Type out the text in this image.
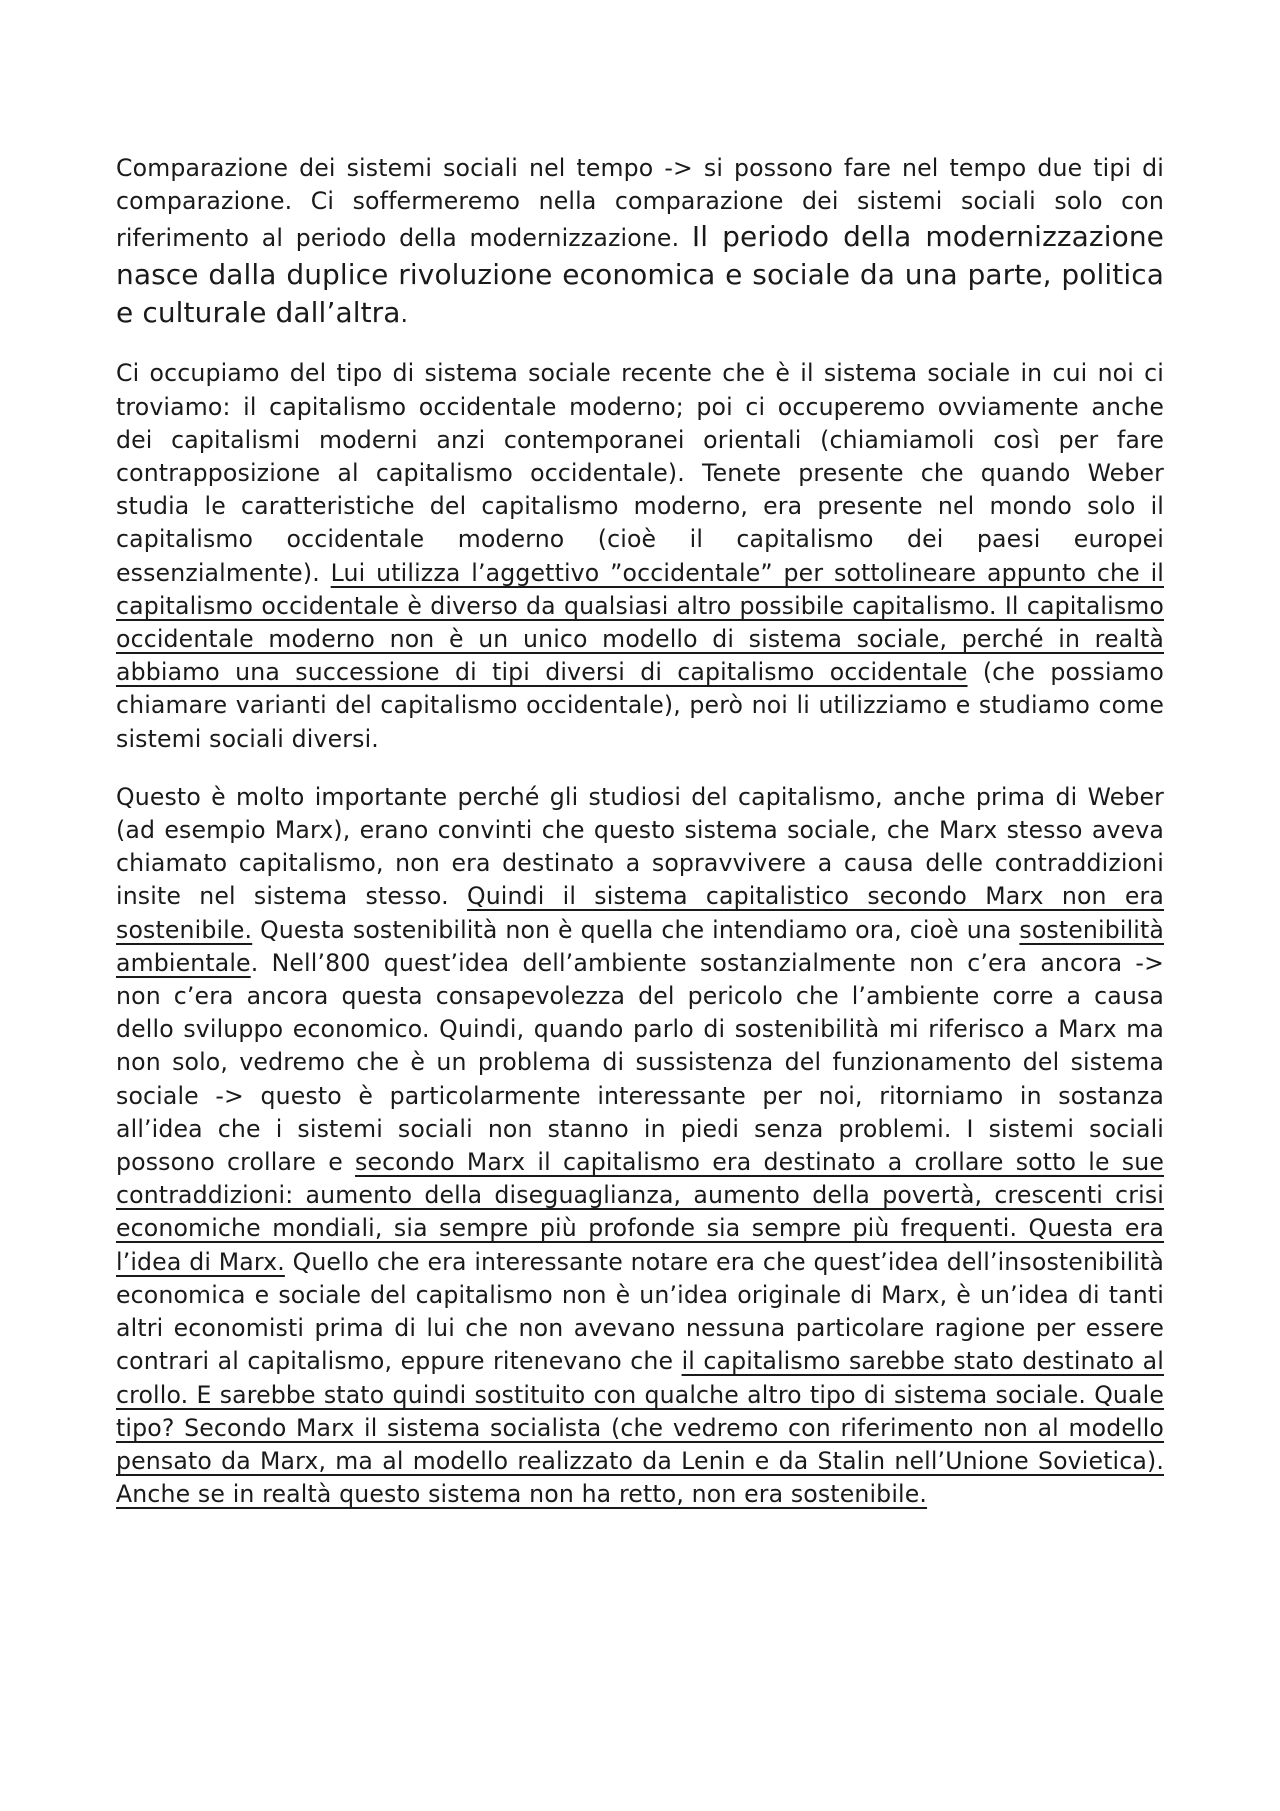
Comparazione dei sistemi sociali nel tempo -> si possono fare nel tempo due tipi di comparazione. Ci soffermeremo nella comparazione dei sistemi sociali solo con riferimento al periodo della modernizzazione. Il periodo della modernizzazione nasce dalla duplice rivoluzione economica e sociale da una parte, politica e culturale dall’altra.

Ci occupiamo del tipo di sistema sociale recente che è il sistema sociale in cui noi ci troviamo: il capitalismo occidentale moderno; poi ci occuperemo ovviamente anche dei capitalismi moderni anzi contemporanei orientali (chiamiamoli così per fare contrapposizione al capitalismo occidentale). Tenete presente che quando Weber studia le caratteristiche del capitalismo moderno, era presente nel mondo solo il capitalismo occidentale moderno (cioè il capitalismo dei paesi europei essenzialmente). Lui utilizza l’aggettivo ”occidentale” per sottolineare appunto che il capitalismo occidentale è diverso da qualsiasi altro possibile capitalismo. Il capitalismo occidentale moderno non è un unico modello di sistema sociale, perché in realtà abbiamo una successione di tipi diversi di capitalismo occidentale (che possiamo chiamare varianti del capitalismo occidentale), però noi li utilizziamo e studiamo come sistemi sociali diversi.

Questo è molto importante perché gli studiosi del capitalismo, anche prima di Weber (ad esempio Marx), erano convinti che questo sistema sociale, che Marx stesso aveva chiamato capitalismo, non era destinato a sopravvivere a causa delle contraddizioni insite nel sistema stesso. Quindi il sistema capitalistico secondo Marx non era sostenibile. Questa sostenibilità non è quella che intendiamo ora, cioè una sostenibilità ambientale. Nell’800 quest’idea dell’ambiente sostanzialmente non c’era ancora -> non c’era ancora questa consapevolezza del pericolo che l’ambiente corre a causa dello sviluppo economico. Quindi, quando parlo di sostenibilità mi riferisco a Marx ma non solo, vedremo che è un problema di sussistenza del funzionamento del sistema sociale -> questo è particolarmente interessante per noi, ritorniamo in sostanza all’idea che i sistemi sociali non stanno in piedi senza problemi. I sistemi sociali possono crollare e secondo Marx il capitalismo era destinato a crollare sotto le sue contraddizioni: aumento della diseguaglianza, aumento della povertà, crescenti crisi economiche mondiali, sia sempre più profonde sia sempre più frequenti. Questa era l’idea di Marx. Quello che era interessante notare era che quest’idea dell’insostenibilità economica e sociale del capitalismo non è un’idea originale di Marx, è un’idea di tanti altri economisti prima di lui che non avevano nessuna particolare ragione per essere contrari al capitalismo, eppure ritenevano che il capitalismo sarebbe stato destinato al crollo. E sarebbe stato quindi sostituito con qualche altro tipo di sistema sociale. Quale tipo? Secondo Marx il sistema socialista (che vedremo con riferimento non al modello pensato da Marx, ma al modello realizzato da Lenin e da Stalin nell’Unione Sovietica). Anche se in realtà questo sistema non ha retto, non era sostenibile.
